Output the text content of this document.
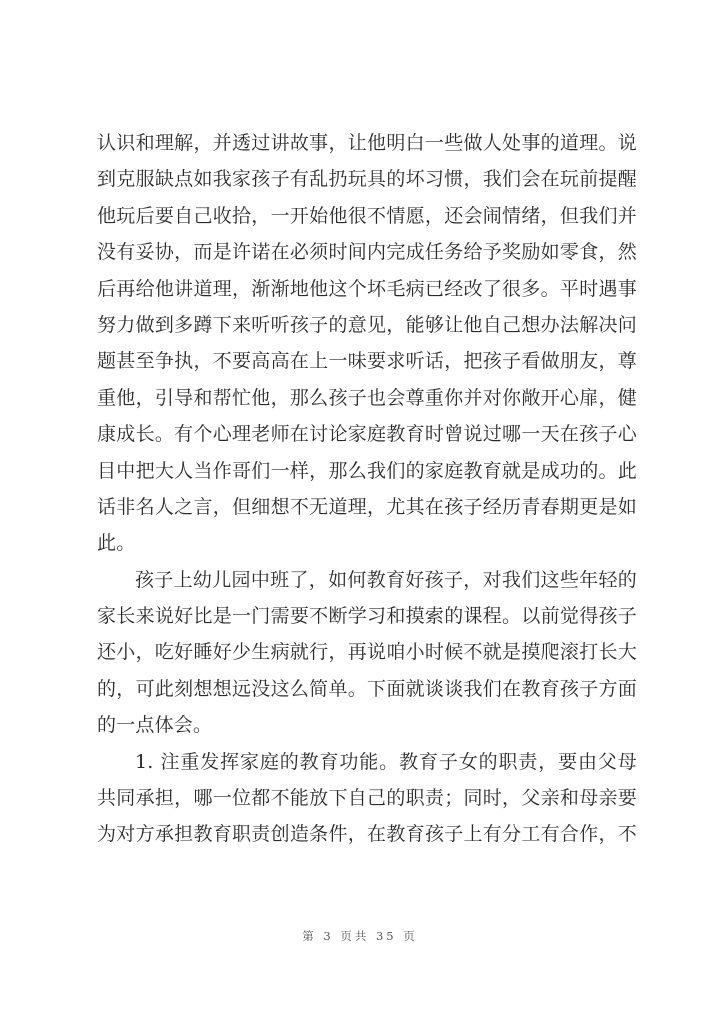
认识和理解，并透过讲故事，让他明白一些做人处事的道理。说
到克服缺点如我家孩子有乱扔玩具的坏习惯，我们会在玩前提醒
他玩后要自己收拾，一开始他很不情愿，还会闹情绪，但我们并
没有妥协，而是许诺在必须时间内完成任务给予奖励如零食，然
后再给他讲道理，渐渐地他这个坏毛病已经改了很多。平时遇事
努力做到多蹲下来听听孩子的意见，能够让他自己想办法解决问
题甚至争执，不要高高在上一味要求听话，把孩子看做朋友，尊
重他，引导和帮忙他，那么孩子也会尊重你并对你敞开心扉，健
康成长。有个心理老师在讨论家庭教育时曾说过哪一天在孩子心
目中把大人当作哥们一样，那么我们的家庭教育就是成功的。此
话非名人之言，但细想不无道理，尤其在孩子经历青春期更是如
此。
孩子上幼儿园中班了，如何教育好孩子，对我们这些年轻的
家长来说好比是一门需要不断学习和摸索的课程。以前觉得孩子
还小，吃好睡好少生病就行，再说咱小时候不就是摸爬滚打长大
的，可此刻想想远没这么简单。下面就谈谈我们在教育孩子方面
的一点体会。
1. 注重发挥家庭的教育功能。教育子女的职责，要由父母
共同承担，哪一位都不能放下自己的职责；同时，父亲和母亲要
为对方承担教育职责创造条件，在教育孩子上有分工有合作，不
第 3 页共 35 页
